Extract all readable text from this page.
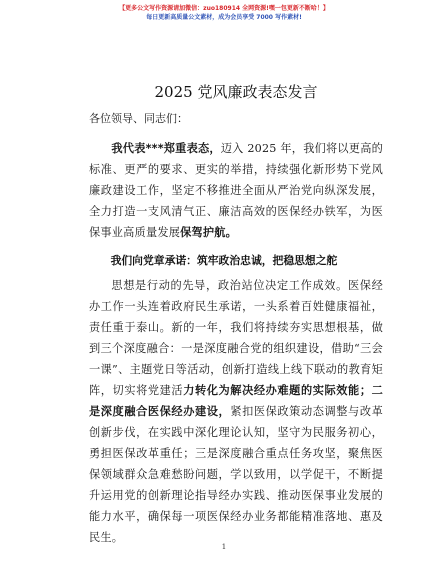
【更多公文写作资源请加微信：zuo180914 全网资源!嘿一包更新不断哈！】
每日更新高质量公文素材，成为会员享受 7000 写作素材!
2025 党风廉政表态发言
各位领导、同志们：

我代表***郑重表态，迈入 2025 年，我们将以更高的标准、更严的要求、更实的举措，持续强化新形势下党风廉政建设工作，坚定不移推进全面从严治党向纵深发展，全力打造一支风清气正、廉洁高效的医保经办铁军，为医保事业高质量发展保驾护航。

我们向党章承诺：筑牢政治忠诚，把稳思想之舵

思想是行动的先导，政治站位决定工作成效。医保经办工作一头连着政府民生承诺，一头系着百姓健康福祉，责任重于泰山。新的一年，我们将持续夯实思想根基，做到三个深度融合：一是深度融合党的组织建设，借助“三会一课”、主题党日等活动，创新打造线上线下联动的教育矩阵，切实将党建活力转化为解决经办难题的实际效能；二是深度融合医保经办建设，紧扣医保政策动态调整与改革创新步伐，在实践中深化理论认知，坚守为民服务初心，勇担医保改革重任；三是深度融合重点任务攻坚，聚焦医保领域群众急难愁盼问题，学以致用，以学促干，不断提升运用党的创新理论指导经办实践、推动医保事业发展的能力水平，确保每一项医保经办业务都能精准落地、惠及民生。

1
